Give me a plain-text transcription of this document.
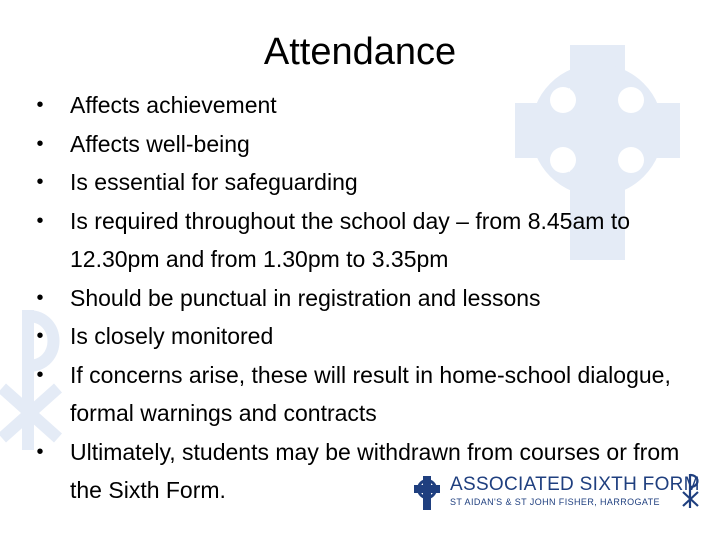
Attendance
• Affects achievement
• Affects well-being
• Is essential for safeguarding
• Is required throughout the school day – from 8.45am to 12.30pm and from 1.30pm to 3.35pm
• Should be punctual in registration and lessons
• Is closely monitored
• If concerns arise, these will result in home-school dialogue, formal warnings and contracts
• Ultimately, students may be withdrawn from courses or from the Sixth Form.	ASSOCIATED SIXTH FORM
ST AIDAN'S & ST JOHN FISHER, HARROGATE
